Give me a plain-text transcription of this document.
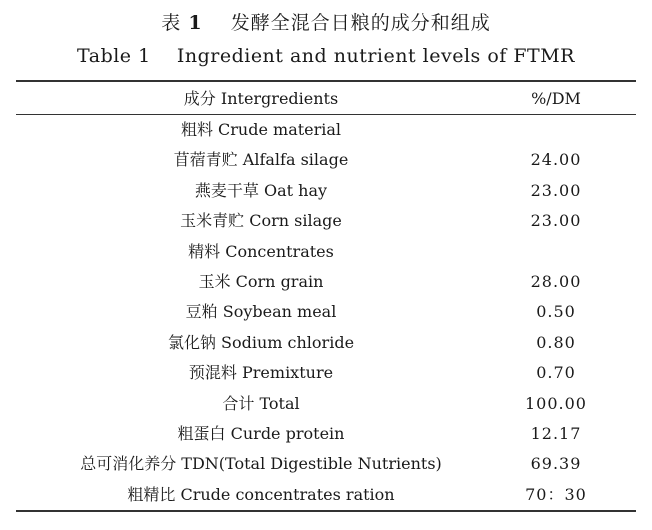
表 1 发酵全混合日粮的成分和组成
Table 1    Ingredient and nutrient levels of FTMR
成分 Intergredients	%/DM
粗料 Crude material
苜蓿青贮 Alfalfa silage	24.00
燕麦干草 Oat hay	23.00
玉米青贮 Corn silage	23.00
精料 Concentrates
玉米 Corn grain	28.00
豆粕 Soybean meal	0.50
氯化钠 Sodium chloride	0.80
预混料 Premixture	0.70
合计 Total	100.00
粗蛋白 Curde protein	12.17
总可消化养分 TDN(Total Digestible Nutrients)	69.39
粗精比 Crude concentrates ration	70：30
